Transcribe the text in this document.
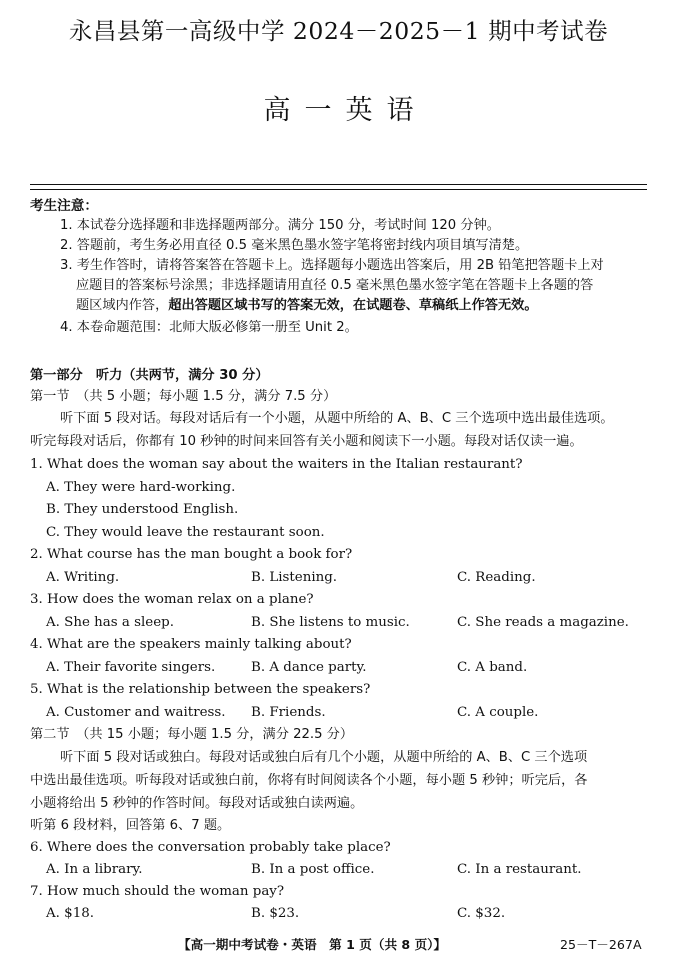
永昌县第一高级中学 2024－2025－1 期中考试卷
高一英语
考生注意：
1. 本试卷分选择题和非选择题两部分。满分 150 分，考试时间 120 分钟。
2. 答题前，考生务必用直径 0.5 毫米黑色墨水签字笔将密封线内项目填写清楚。
3. 考生作答时，请将答案答在答题卡上。选择题每小题选出答案后，用 2B 铅笔把答题卡上对
应题目的答案标号涂黑；非选择题请用直径 0.5 毫米黑色墨水签字笔在答题卡上各题的答
题区域内作答，超出答题区域书写的答案无效，在试题卷、草稿纸上作答无效。
4. 本卷命题范围：北师大版必修第一册至 Unit 2。
第一部分　听力（共两节，满分 30 分）
第一节　（共 5 小题；每小题 1.5 分，满分 7.5 分）
听下面 5 段对话。每段对话后有一个小题，从题中所给的 A、B、C 三个选项中选出最佳选项。
听完每段对话后，你都有 10 秒钟的时间来回答有关小题和阅读下一小题。每段对话仅读一遍。
1. What does the woman say about the waiters in the Italian restaurant?
A. They were hard-working.
B. They understood English.
C. They would leave the restaurant soon.
2. What course has the man bought a book for?
A. Writing.	B. Listening.	C. Reading.
3. How does the woman relax on a plane?
A. She has a sleep.	B. She listens to music.	C. She reads a magazine.
4. What are the speakers mainly talking about?
A. Their favorite singers.	B. A dance party.	C. A band.
5. What is the relationship between the speakers?
A. Customer and waitress. B. Friends.	C. A couple.
第二节　（共 15 小题；每小题 1.5 分，满分 22.5 分）
听下面 5 段对话或独白。每段对话或独白后有几个小题，从题中所给的 A、B、C 三个选项
中选出最佳选项。听每段对话或独白前，你将有时间阅读各个小题，每小题 5 秒钟；听完后，各
小题将给出 5 秒钟的作答时间。每段对话或独白读两遍。
听第 6 段材料，回答第 6、7 题。
6. Where does the conversation probably take place?
A. In a library.	B. In a post office.	C. In a restaurant.
7. How much should the woman pay?
A. $18.	B. $23.	C. $32.
【高一期中考试卷・英语　第 1 页（共 8 页）】	25－T－267A
